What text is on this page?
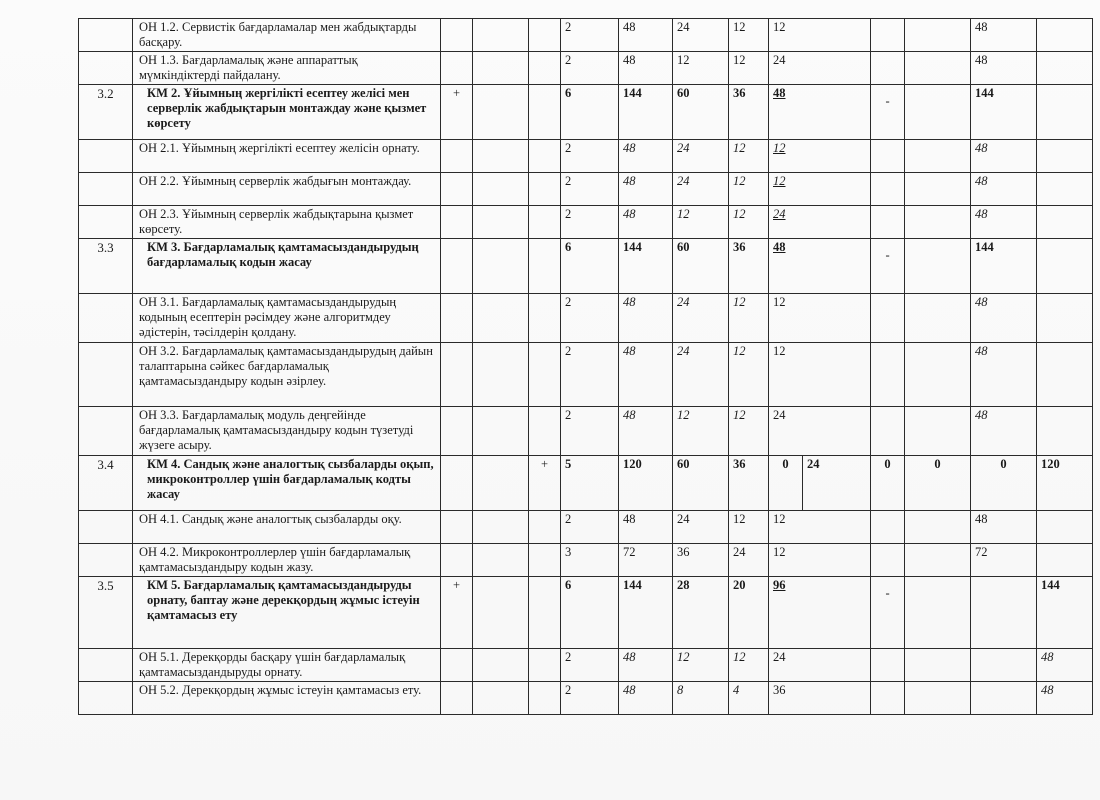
	ОН 1.2. Сервистік бағдарламалар мен жабдықтарды басқару.				2	48	24	12	12				48		
	ОН 1.3. Бағдарламалық және аппараттық мүмкіндіктерді пайдалану.				2	48	12	12	24				48		
3.2	КМ 2. Ұйымның жергілікті есептеу желісі мен серверлік жабдықтарын монтаждау және қызмет көрсету	+			6	144	60	36	48		-		144		
	ОН 2.1. Ұйымның жергілікті есептеу желісін орнату.				2	48	24	12	12				48		
	ОН 2.2. Ұйымның серверлік жабдығын монтаждау.				2	48	24	12	12				48		
	ОН 2.3. Ұйымның серверлік жабдықтарына қызмет көрсету.				2	48	12	12	24				48		
3.3	КМ 3. Бағдарламалық қамтамасыздандырудың бағдарламалық кодын жасау				6	144	60	36	48		-		144		
	ОН 3.1. Бағдарламалық қамтамасыздандырудың кодының есептерін рәсімдеу және алгоритмдеу әдістерін, тәсілдерін қолдану.				2	48	24	12	12				48		
	ОН 3.2. Бағдарламалық қамтамасыздандырудың дайын талаптарына сәйкес бағдарламалық қамтамасыздандыру кодын әзірлеу.				2	48	24	12	12				48		
	ОН 3.3. Бағдарламалық модуль деңгейінде бағдарламалық қамтамасыздандыру кодын түзетуді жүзеге асыру.				2	48	12	12	24				48		
3.4	КМ 4. Сандық және аналогтық сызбаларды оқып, микроконтроллер үшін бағдарламалық кодты жасау			+	5	120	60	36	0	24	0	0	0	120	
	ОН 4.1. Сандық және аналогтық сызбаларды оқу.				2	48	24	12	12				48		
	ОН 4.2. Микроконтроллерлер үшін бағдарламалық қамтамасыздандыру кодын жазу.				3	72	36	24	12				72		
3.5	КМ 5. Бағдарламалық қамтамасыздандыруды орнату, баптау және дерекқордың жұмыс істеуін қамтамасыз ету	+			6	144	28	20	96		-			144	
	ОН 5.1. Дерекқорды басқару үшін бағдарламалық қамтамасыздандыруды орнату.				2	48	12	12	24					48	
	ОН 5.2. Дерекқордың жұмыс істеуін қамтамасыз ету.				2	48	8	4	36					48	
